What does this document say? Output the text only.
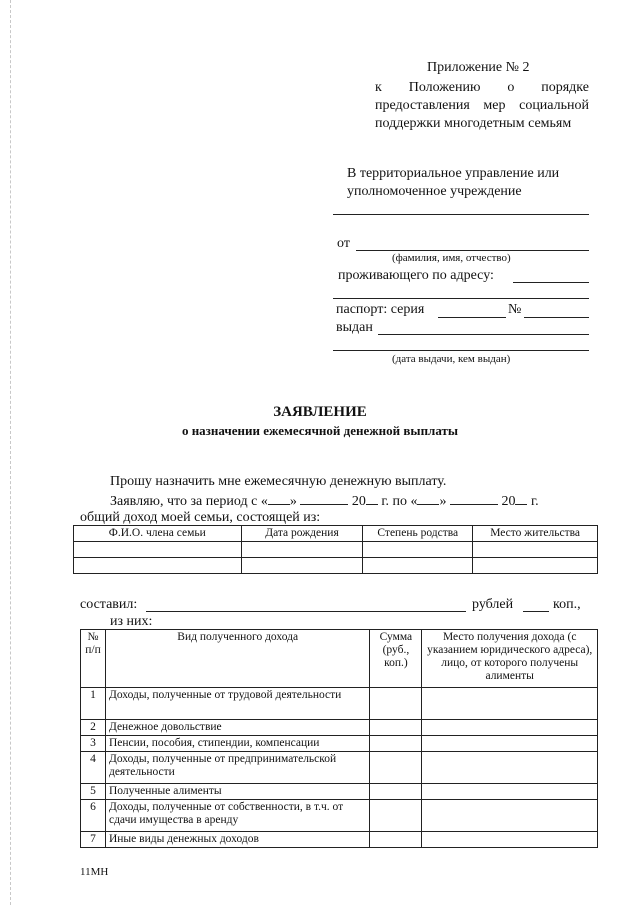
Приложение № 2
к Положению о порядке
предоставления мер социальной
поддержки многодетным семьям
В территориальное управление или
уполномоченное учреждение
от
(фамилия, имя, отчество)
проживающего по адресу:
паспорт: серия	№
выдан
(дата выдачи, кем выдан)
ЗАЯВЛЕНИЕ
о назначении ежемесячной денежной выплаты
Прошу назначить мне ежемесячную денежную выплату.
Заявляю, что за период с « »	20 г. по « »	20 г.
общий доход моей семьи, состоящей из:
Ф.И.О. члена семьи	Дата рождения	Степень родства	Место жительства

составил:	рублей	коп.,
из них:
№ п/п	Вид полученного дохода	Сумма (руб., коп.)	Место получения дохода (с указанием юридического адреса), лицо, от которого получены алименты
1	Доходы, полученные от трудовой деятельности		
2	Денежное довольствие		
3	Пенсии, пособия, стипендии, компенсации		
4	Доходы, полученные от предпринимательской деятельности		
5	Полученные алименты		
6	Доходы, полученные от собственности, в т.ч. от сдачи имущества в аренду		
7	Иные виды денежных доходов		
11МН
